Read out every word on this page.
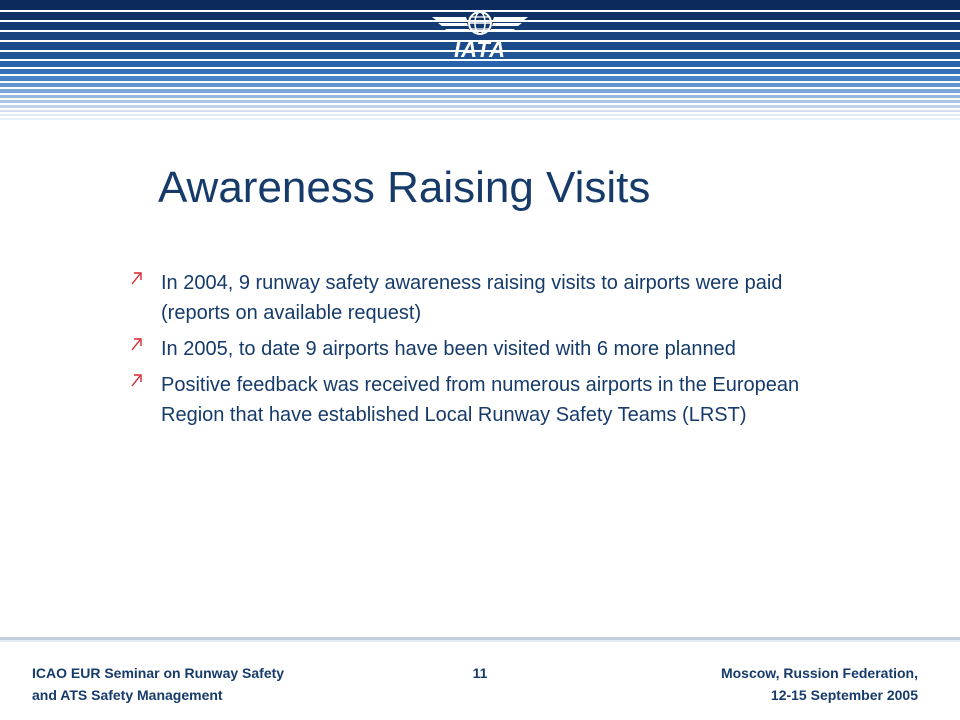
IATA
Awareness Raising Visits
In 2004, 9 runway safety awareness raising visits to airports were paid (reports on available request)
In 2005, to date 9 airports have been visited with 6 more planned
Positive feedback was received from numerous airports in the European Region that have established Local Runway Safety Teams (LRST)
ICAO EUR Seminar on Runway Safety
and ATS Safety Management
11	Moscow, Russion Federation,
12-15 September 2005
